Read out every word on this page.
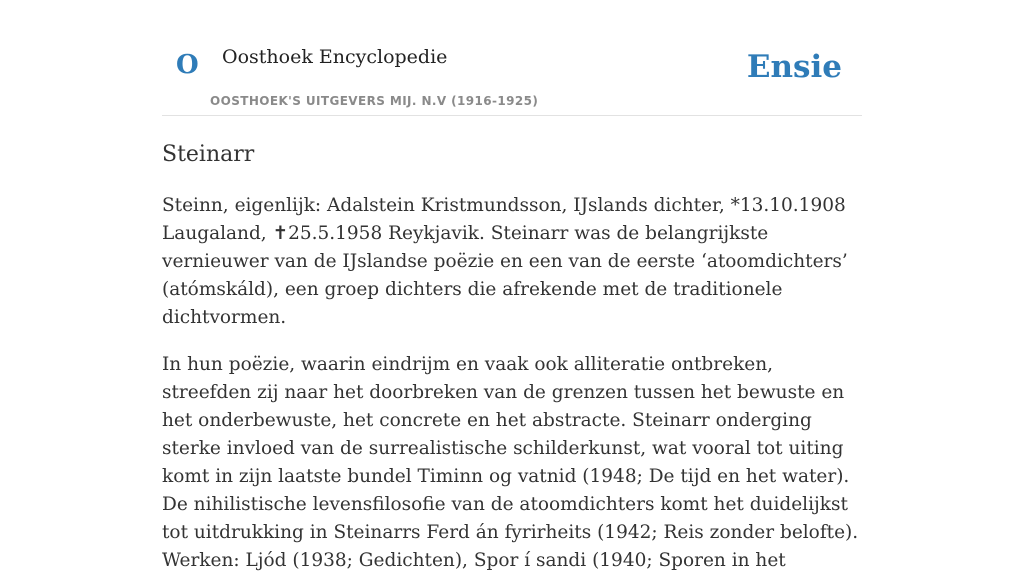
O Oosthoek Encyclopedie
OOSTHOEK'S UITGEVERS MIJ. N.V (1916-1925)
Ensie
Steinarr

Steinn, eigenlijk: Adalstein Kristmundsson, IJslands dichter, *13.10.1908 Laugaland, ✝25.5.1958 Reykjavik. Steinarr was de belangrijkste vernieuwer van de IJslandse poëzie en een van de eerste ‘atoomdichters’ (atómskáld), een groep dichters die afrekende met de traditionele dichtvormen.

In hun poëzie, waarin eindrijm en vaak ook alliteratie ontbreken, streefden zij naar het doorbreken van de grenzen tussen het bewuste en het onderbewuste, het concrete en het abstracte. Steinarr onderging sterke invloed van de surrealistische schilderkunst, wat vooral tot uiting komt in zijn laatste bundel Timinn og vatnid (1948; De tijd en het water). De nihilistische levensfilosofie van de atoomdichters komt het duidelijkst tot uitdrukking in Steinarrs Ferd án fyrirheits (1942; Reis zonder belofte). Werken: Ljód (1938; Gedichten), Spor í sandi (1940; Sporen in het
